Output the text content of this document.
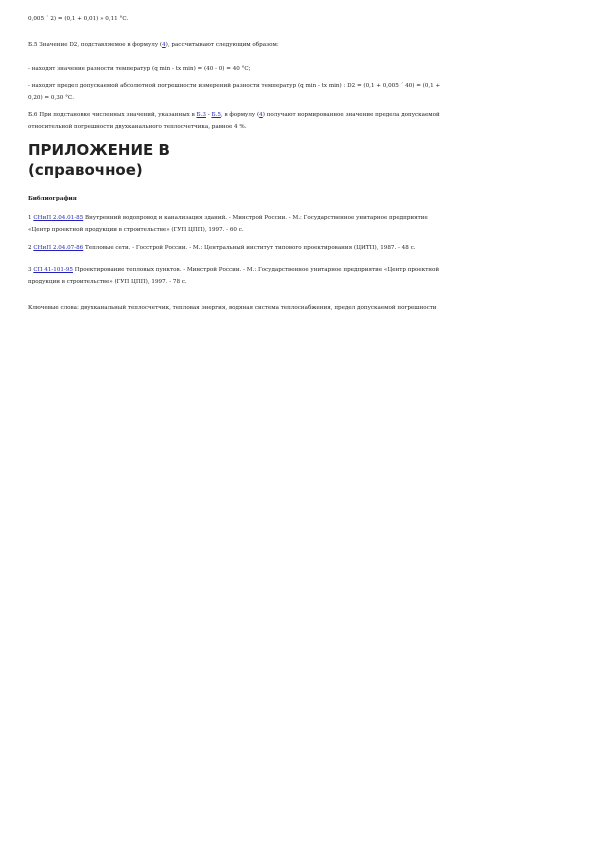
0,005 ´ 2) = (0,1 + 0,01) » 0,11 °С.
Б.5 Значение D2, подставляемое в формулу (4), рассчитывают следующим образом:
- находят значение разности температур (q min - tx min) = (40 - 0) = 40 °С;
- находят предел допускаемой абсолютной погрешности измерений разности температур (q min - tx min) : D2 = (0,1 + 0,005 ´ 40) = (0,1 +
0,20) = 0,30 °С.
Б.6 При подстановке численных значений, указанных в Б.3 - Б.5, в формулу (4) получают нормированное значение предела допускаемой
относительной погрешности двухканального теплосчетчика, равное 4 %.
ПРИЛОЖЕНИЕ В
(справочное)
Библиография
1 СНиП 2.04.01-85 Внутренний водопровод и канализация зданий. - Минстрой России. - М.: Государственное унитарное предприятие
«Центр проектной продукции в строительстве» (ГУП ЦПП), 1997. - 60 с.
2 СНиП 2.04.07-86 Тепловые сети. - Госстрой России. - М.: Центральный институт типового проектирования (ЦИТП), 1987. - 48 с.
3 СП 41-101-95 Проектирование тепловых пунктов. - Минстрой России. - М.: Государственное унитарное предприятие «Центр проектной
продукции в строительстве» (ГУП ЦПП), 1997. - 78 с.
Ключевые слова: двухканальный теплосчетчик, тепловая энергия, водяная система теплоснабжения, предел допускаемой погрешности
